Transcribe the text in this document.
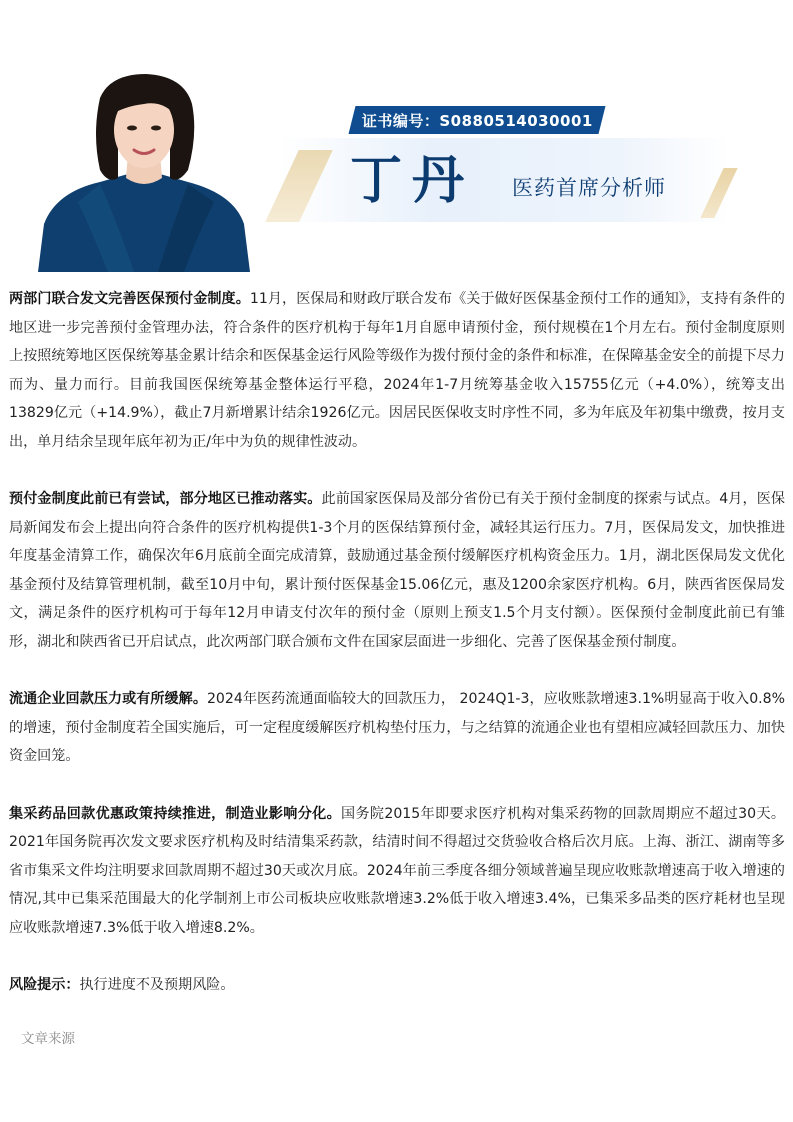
证书编号：S0880514030001
丁丹 医药首席分析师

两部门联合发文完善医保预付金制度。11月，医保局和财政厅联合发布《关于做好医保基金预付工作的通知》，支持有条件的地区进一步完善预付金管理办法，符合条件的医疗机构于每年1月自愿申请预付金，预付规模在1个月左右。预付金制度原则上按照统筹地区医保统筹基金累计结余和医保基金运行风险等级作为拨付预付金的条件和标准，在保障基金安全的前提下尽力而为、量力而行。目前我国医保统筹基金整体运行平稳，2024年1-7月统筹基金收入15755亿元（+4.0%），统筹支出13829亿元（+14.9%），截止7月新增累计结余1926亿元。因居民医保收支时序性不同，多为年底及年初集中缴费，按月支出，单月结余呈现年底年初为正/年中为负的规律性波动。

预付金制度此前已有尝试，部分地区已推动落实。此前国家医保局及部分省份已有关于预付金制度的探索与试点。4月，医保局新闻发布会上提出向符合条件的医疗机构提供1-3个月的医保结算预付金，减轻其运行压力。7月，医保局发文，加快推进年度基金清算工作，确保次年6月底前全面完成清算，鼓励通过基金预付缓解医疗机构资金压力。1月，湖北医保局发文优化基金预付及结算管理机制，截至10月中旬，累计预付医保基金15.06亿元，惠及1200余家医疗机构。6月，陕西省医保局发文，满足条件的医疗机构可于每年12月申请支付次年的预付金（原则上预支1.5个月支付额）。医保预付金制度此前已有雏形，湖北和陕西省已开启试点，此次两部门联合颁布文件在国家层面进一步细化、完善了医保基金预付制度。

流通企业回款压力或有所缓解。2024年医药流通面临较大的回款压力， 2024Q1-3，应收账款增速3.1%明显高于收入0.8%的增速，预付金制度若全国实施后，可一定程度缓解医疗机构垫付压力，与之结算的流通企业也有望相应减轻回款压力、加快资金回笼。

集采药品回款优惠政策持续推进，制造业影响分化。国务院2015年即要求医疗机构对集采药物的回款周期应不超过30天。2021年国务院再次发文要求医疗机构及时结清集采药款，结清时间不得超过交货验收合格后次月底。上海、浙江、湖南等多省市集采文件均注明要求回款周期不超过30天或次月底。2024年前三季度各细分领域普遍呈现应收账款增速高于收入增速的情况,其中已集采范围最大的化学制剂上市公司板块应收账款增速3.2%低于收入增速3.4%，已集采多品类的医疗耗材也呈现应收账款增速7.3%低于收入增速8.2%。

风险提示：执行进度不及预期风险。

文章来源
